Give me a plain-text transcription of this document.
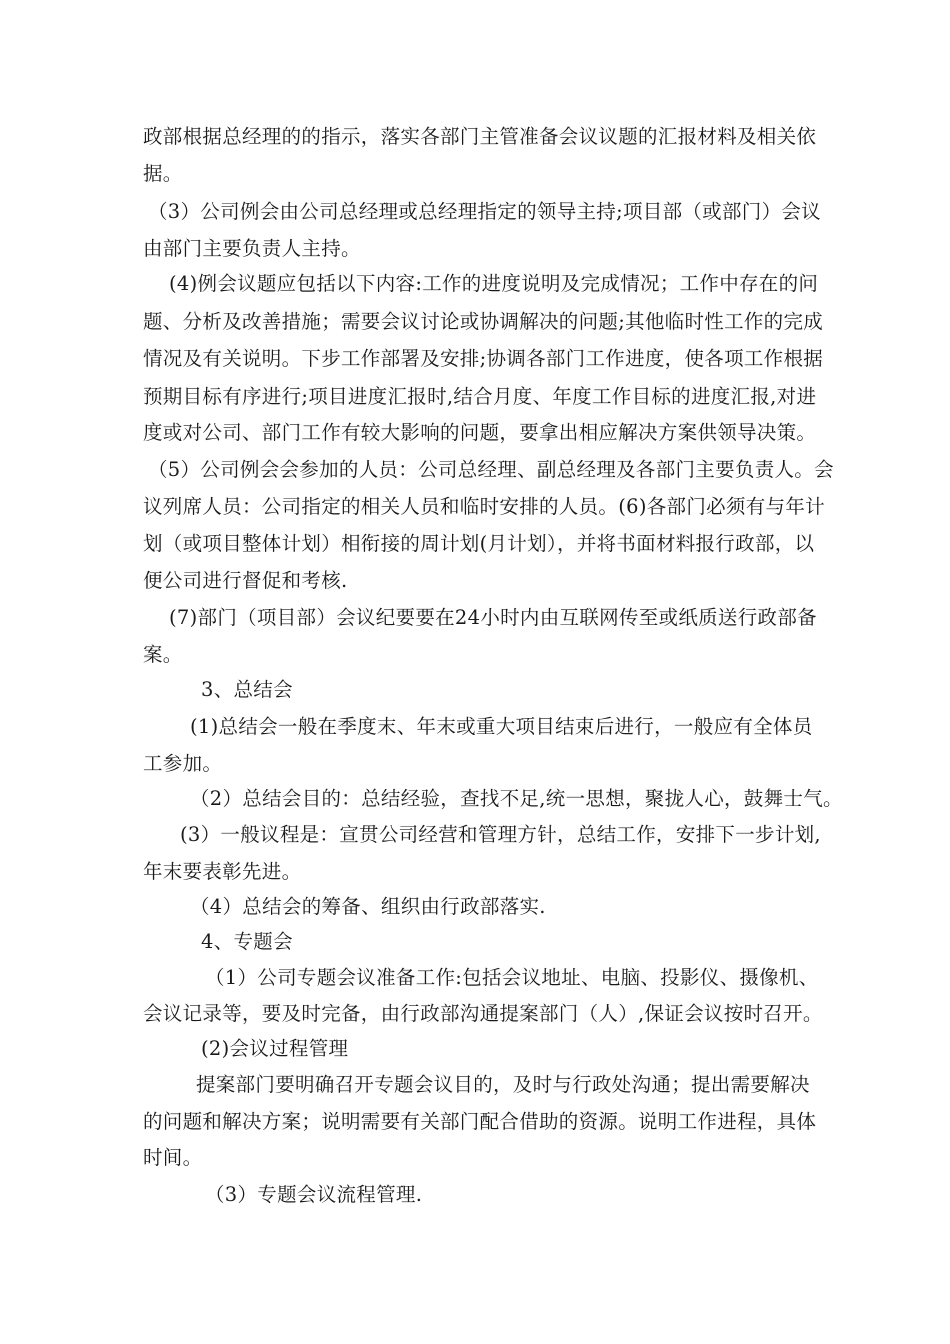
政部根据总经理的的指示，落实各部门主管准备会议议题的汇报材料及相关依
据。
（3）公司例会由公司总经理或总经理指定的领导主持;项目部（或部门）会议
由部门主要负责人主持。
(4)例会议题应包括以下内容:工作的进度说明及完成情况；工作中存在的问
题、分析及改善措施；需要会议讨论或协调解决的问题;其他临时性工作的完成
情况及有关说明。下步工作部署及安排;协调各部门工作进度，使各项工作根据
预期目标有序进行;项目进度汇报时,结合月度、年度工作目标的进度汇报,对进
度或对公司、部门工作有较大影响的问题，要拿出相应解决方案供领导决策。
（5）公司例会会参加的人员：公司总经理、副总经理及各部门主要负责人。会
议列席人员：公司指定的相关人员和临时安排的人员。(6)各部门必须有与年计
划（或项目整体计划）相衔接的周计划(月计划），并将书面材料报行政部，以
便公司进行督促和考核.
(7)部门（项目部）会议纪要要在24小时内由互联网传至或纸质送行政部备
案。
3、总结会
(1)总结会一般在季度末、年末或重大项目结束后进行，一般应有全体员
工参加。
（2）总结会目的：总结经验，查找不足,统一思想，聚拢人心，鼓舞士气。
(3）一般议程是：宣贯公司经营和管理方针，总结工作，安排下一步计划,
年末要表彰先进。
（4）总结会的筹备、组织由行政部落实.
4、专题会
（1）公司专题会议准备工作:包括会议地址、电脑、投影仪、摄像机、
会议记录等，要及时完备，由行政部沟通提案部门（人）,保证会议按时召开。
(2)会议过程管理
提案部门要明确召开专题会议目的，及时与行政处沟通；提出需要解决
的问题和解决方案；说明需要有关部门配合借助的资源。说明工作进程，具体
时间。
（3）专题会议流程管理.
